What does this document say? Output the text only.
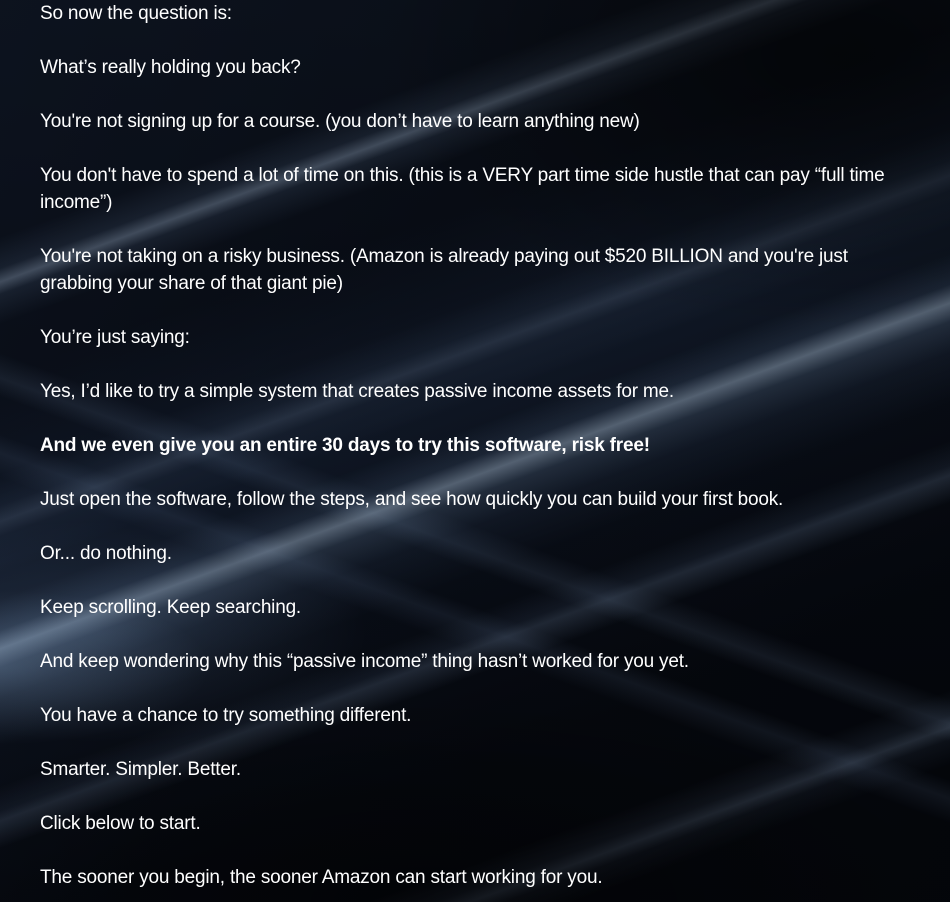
So now the question is:

What’s really holding you back?

You're not signing up for a course. (you don’t have to learn anything new)

You don't have to spend a lot of time on this. (this is a VERY part time side hustle that can pay “full time income”)

You're not taking on a risky business. (Amazon is already paying out $520 BILLION and you're just grabbing your share of that giant pie)

You’re just saying:

Yes, I’d like to try a simple system that creates passive income assets for me.

And we even give you an entire 30 days to try this software, risk free!

Just open the software, follow the steps, and see how quickly you can build your first book.

Or... do nothing.

Keep scrolling. Keep searching.

And keep wondering why this “passive income” thing hasn’t worked for you yet.

You have a chance to try something different.

Smarter. Simpler. Better.

Click below to start.

The sooner you begin, the sooner Amazon can start working for you.
